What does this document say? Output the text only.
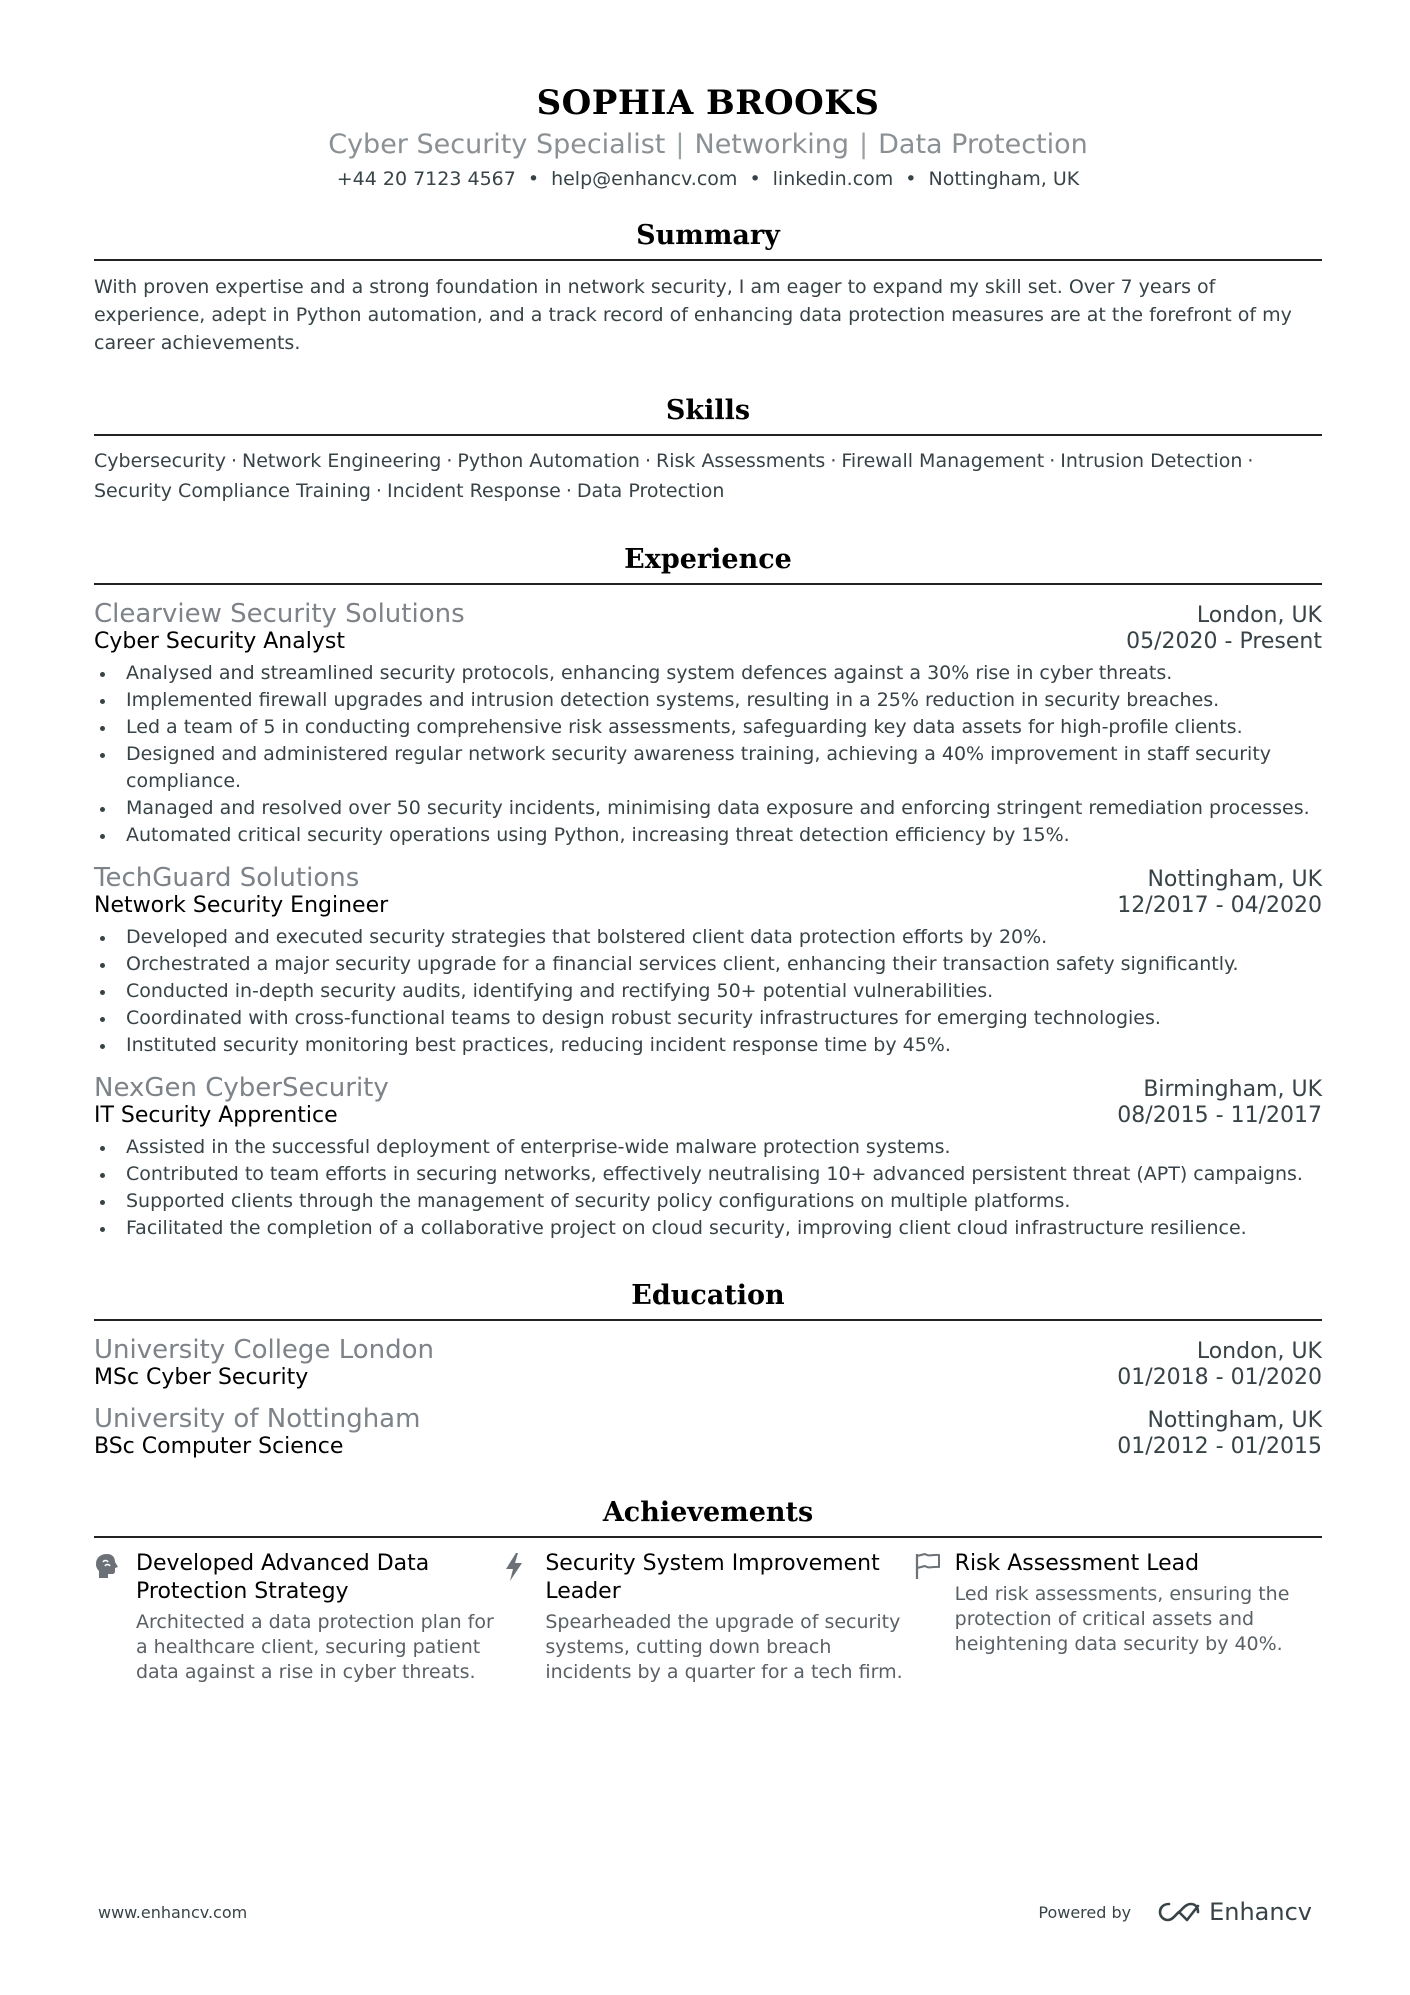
SOPHIA BROOKS
Cyber Security Specialist | Networking | Data Protection
+44 20 7123 4567 • help@enhancv.com • linkedin.com • Nottingham, UK
Summary
With proven expertise and a strong foundation in network security, I am eager to expand my skill set. Over 7 years of experience, adept in Python automation, and a track record of enhancing data protection measures are at the forefront of my career achievements.
Skills
Cybersecurity · Network Engineering · Python Automation · Risk Assessments · Firewall Management · Intrusion Detection ·
Security Compliance Training · Incident Response · Data Protection
Experience
Clearview Security Solutions	London, UK
Cyber Security Analyst	05/2020 - Present
Analysed and streamlined security protocols, enhancing system defences against a 30% rise in cyber threats.
Implemented firewall upgrades and intrusion detection systems, resulting in a 25% reduction in security breaches.
Led a team of 5 in conducting comprehensive risk assessments, safeguarding key data assets for high-profile clients.
Designed and administered regular network security awareness training, achieving a 40% improvement in staff security compliance.
Managed and resolved over 50 security incidents, minimising data exposure and enforcing stringent remediation processes.
Automated critical security operations using Python, increasing threat detection efficiency by 15%.
TechGuard Solutions	Nottingham, UK
Network Security Engineer	12/2017 - 04/2020
Developed and executed security strategies that bolstered client data protection efforts by 20%.
Orchestrated a major security upgrade for a financial services client, enhancing their transaction safety significantly.
Conducted in-depth security audits, identifying and rectifying 50+ potential vulnerabilities.
Coordinated with cross-functional teams to design robust security infrastructures for emerging technologies.
Instituted security monitoring best practices, reducing incident response time by 45%.
NexGen CyberSecurity	Birmingham, UK
IT Security Apprentice	08/2015 - 11/2017
Assisted in the successful deployment of enterprise-wide malware protection systems.
Contributed to team efforts in securing networks, effectively neutralising 10+ advanced persistent threat (APT) campaigns.
Supported clients through the management of security policy configurations on multiple platforms.
Facilitated the completion of a collaborative project on cloud security, improving client cloud infrastructure resilience.
Education
University College London	London, UK
MSc Cyber Security	01/2018 - 01/2020
University of Nottingham	Nottingham, UK
BSc Computer Science	01/2012 - 01/2015
Achievements
Developed Advanced Data Protection Strategy
Architected a data protection plan for a healthcare client, securing patient data against a rise in cyber threats.
Security System Improvement Leader
Spearheaded the upgrade of security systems, cutting down breach incidents by a quarter for a tech firm.
Risk Assessment Lead
Led risk assessments, ensuring the protection of critical assets and heightening data security by 40%.
www.enhancv.com	Powered by	Enhancv
